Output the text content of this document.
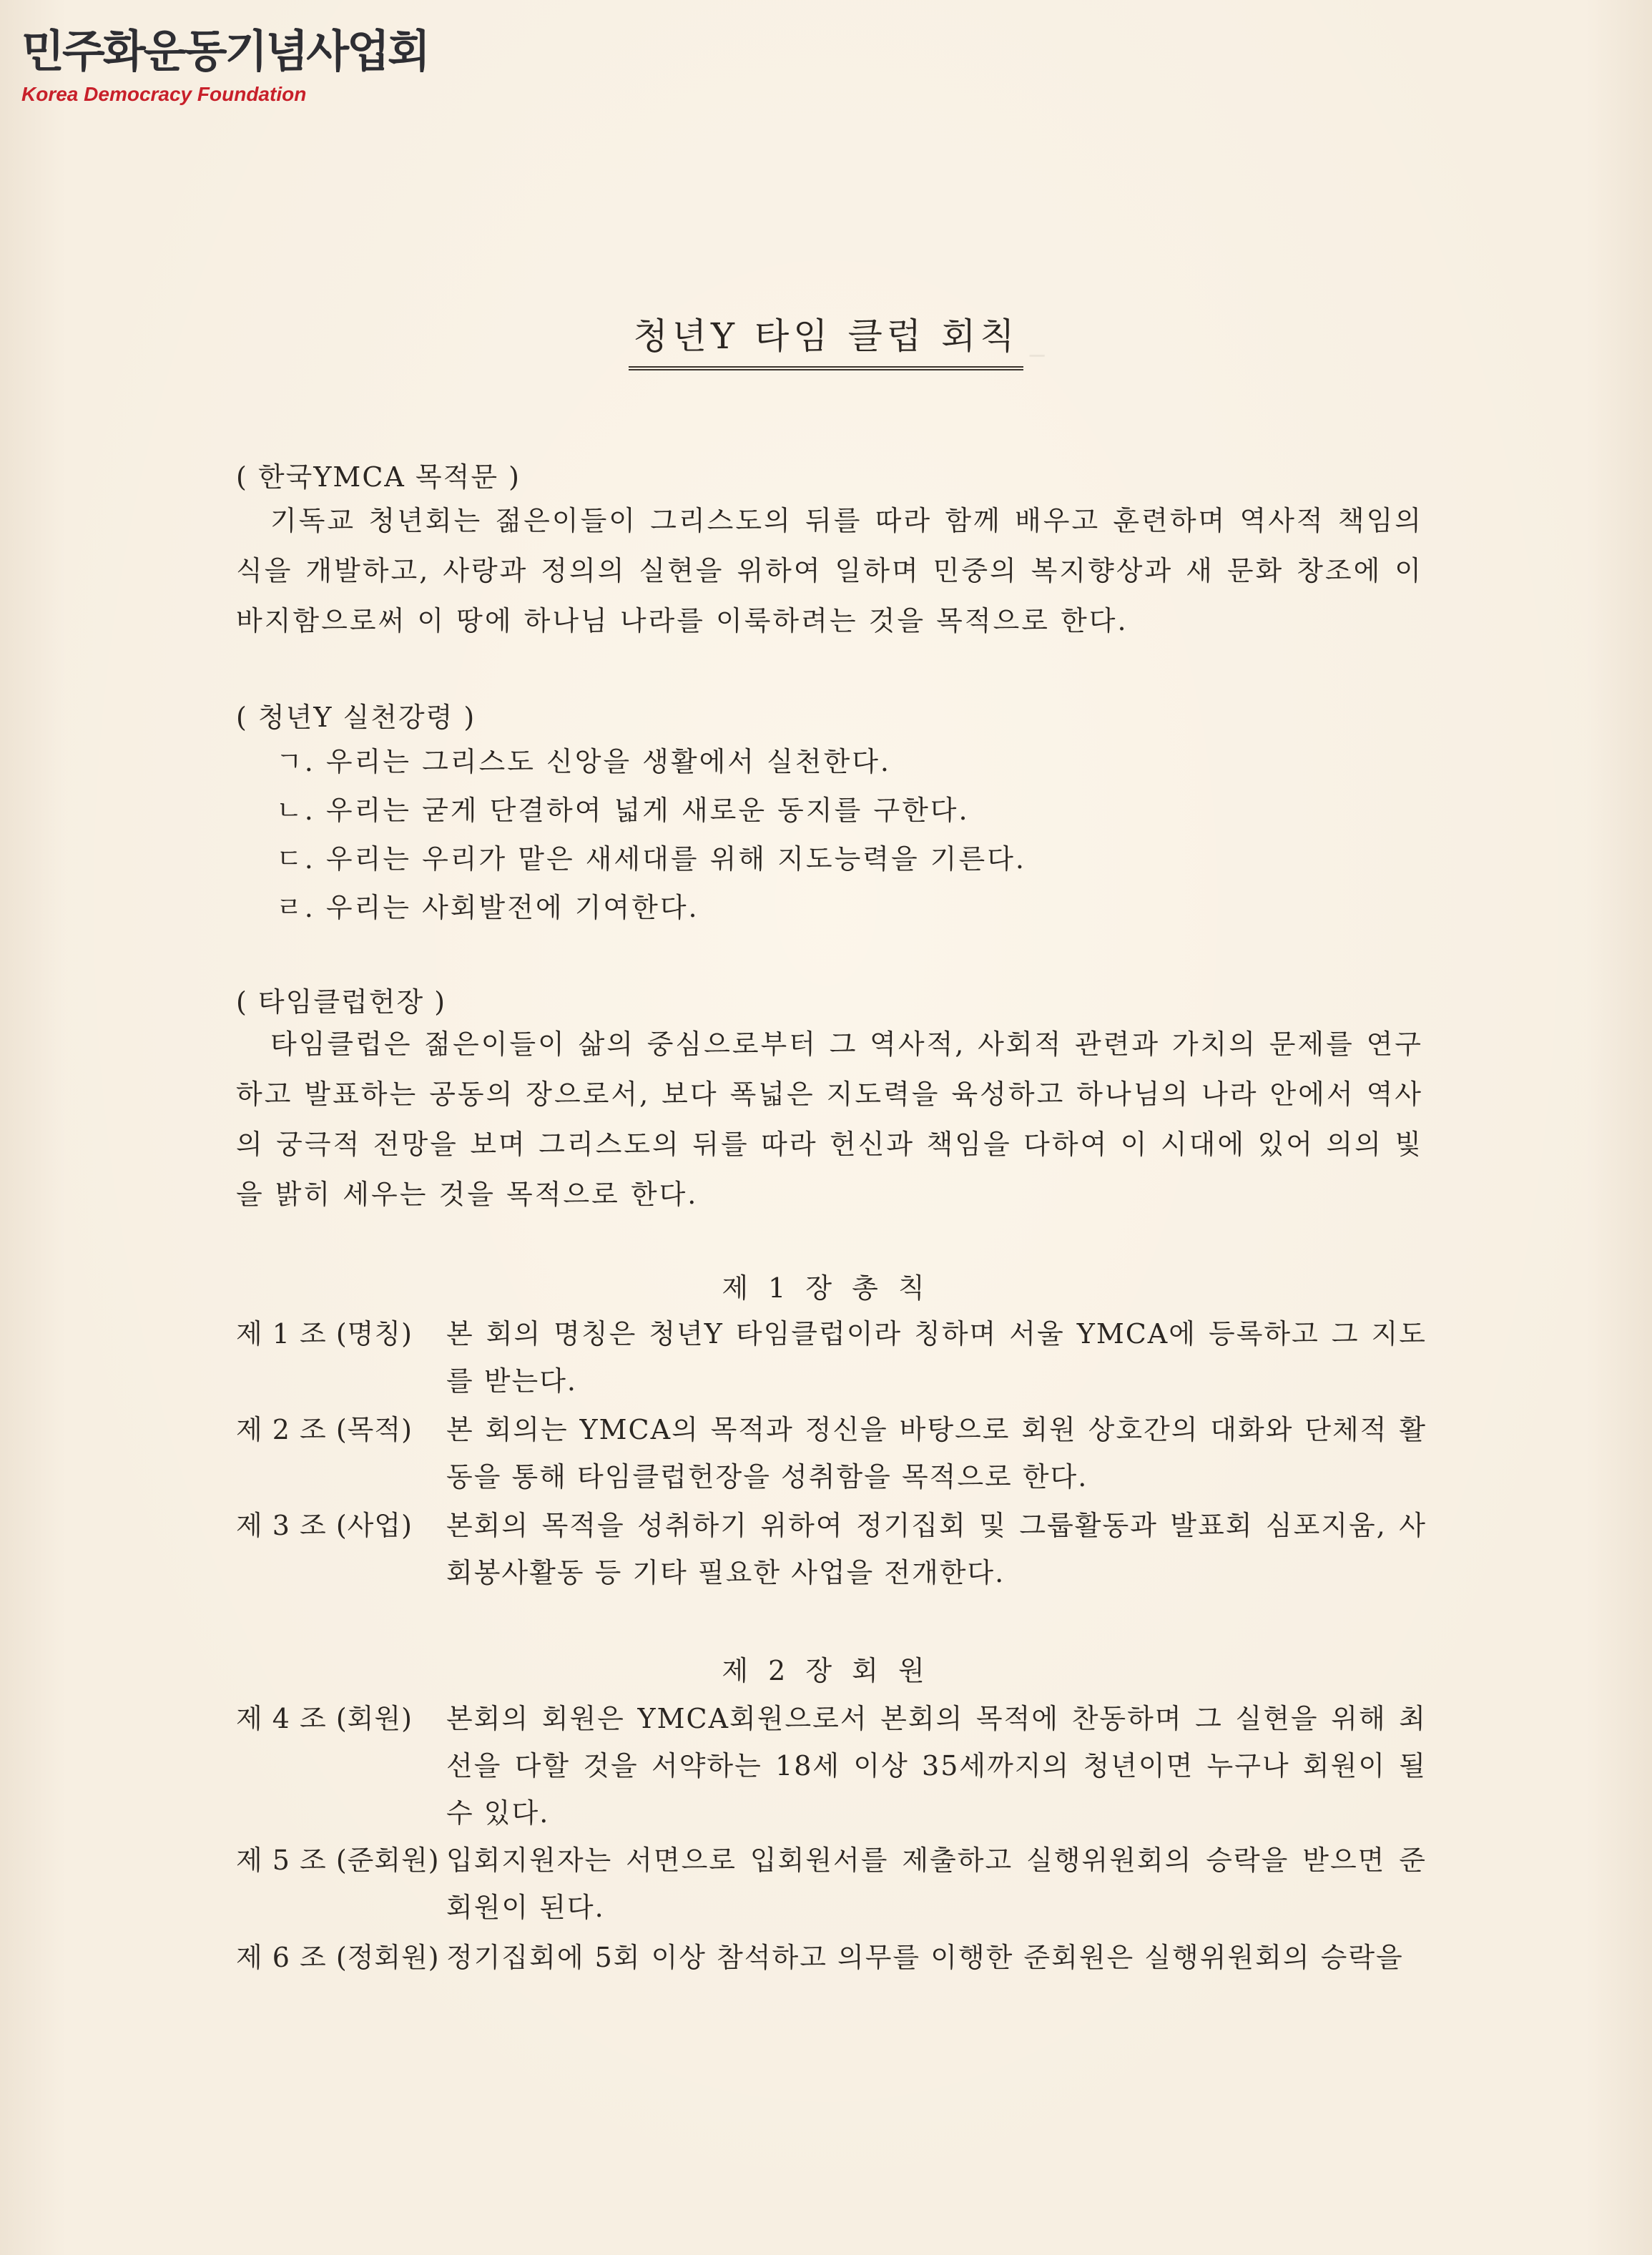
민주화운동기념사업회
Korea Democracy Foundation
─
청년Y 타임 클럽 회칙
( 한국YMCA 목적문 )
기독교 청년회는 젊은이들이 그리스도의 뒤를 따라 함께 배우고 훈련하며 역사적 책임의식을 개발하고, 사랑과 정의의 실현을 위하여 일하며 민중의 복지향상과 새 문화 창조에 이바지함으로써 이 땅에 하나님 나라를 이룩하려는 것을 목적으로 한다.
( 청년Y 실천강령 )
ㄱ. 우리는 그리스도 신앙을 생활에서 실천한다.
ㄴ. 우리는 굳게 단결하여 넓게 새로운 동지를 구한다.
ㄷ. 우리는 우리가 맡은 새세대를 위해 지도능력을 기른다.
ㄹ. 우리는 사회발전에 기여한다.
( 타임클럽헌장 )
타임클럽은 젊은이들이 삶의 중심으로부터 그 역사적, 사회적 관련과 가치의 문제를 연구하고 발표하는 공동의 장으로서, 보다 폭넓은 지도력을 육성하고 하나님의 나라 안에서 역사의 궁극적 전망을 보며 그리스도의 뒤를 따라 헌신과 책임을 다하여 이 시대에 있어 의의 빛을 밝히 세우는 것을 목적으로 한다.
제 1 장 총 칙
제 1 조 (명칭) 본 회의 명칭은 청년Y 타임클럽이라 칭하며 서울 YMCA에 등록하고 그 지도를 받는다.
제 2 조 (목적) 본 회의는 YMCA의 목적과 정신을 바탕으로 회원 상호간의 대화와 단체적 활동을 통해 타임클럽헌장을 성취함을 목적으로 한다.
제 3 조 (사업) 본회의 목적을 성취하기 위하여 정기집회 및 그룹활동과 발표회 심포지움, 사회봉사활동 등 기타 필요한 사업을 전개한다.
제 2 장 회 원
제 4 조 (회원) 본회의 회원은 YMCA회원으로서 본회의 목적에 찬동하며 그 실현을 위해 최선을 다할 것을 서약하는 18세 이상 35세까지의 청년이면 누구나 회원이 될 수 있다.
제 5 조 (준회원) 입회지원자는 서면으로 입회원서를 제출하고 실행위원회의 승락을 받으면 준회원이 된다.
제 6 조 (정회원) 정기집회에 5회 이상 참석하고 의무를 이행한 준회원은 실행위원회의 승락을
